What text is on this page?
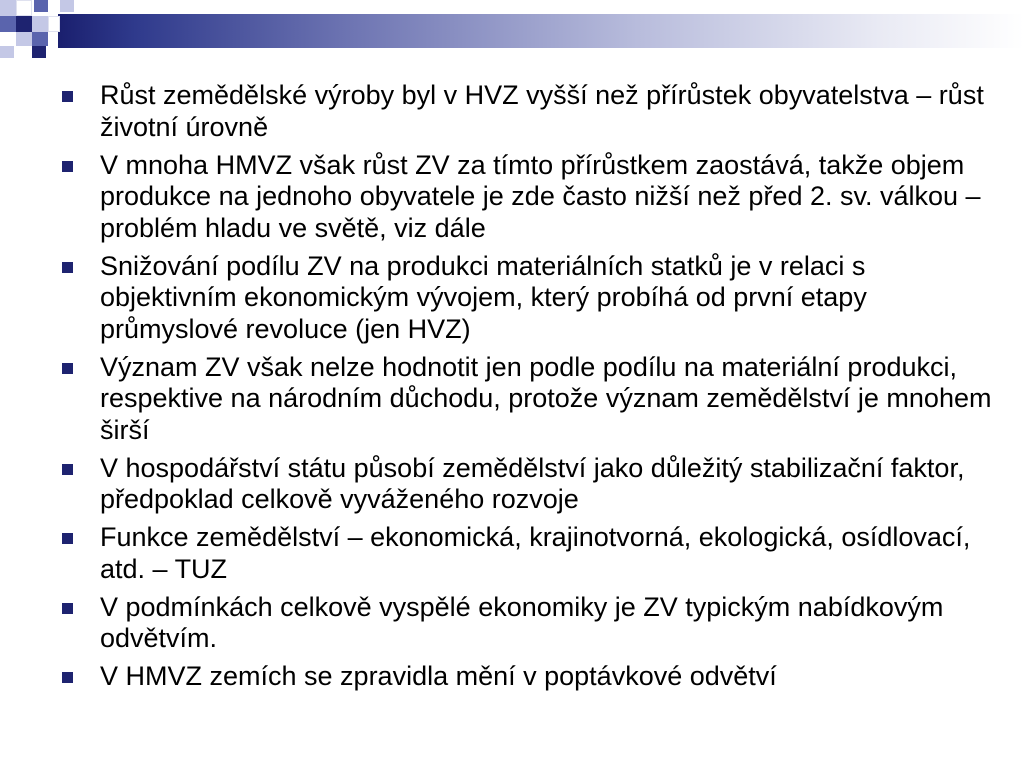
Růst zemědělské výroby byl v HVZ vyšší než přírůstek obyvatelstva – růst životní úrovně
V mnoha HMVZ však růst ZV za tímto přírůstkem zaostává, takže objem produkce na jednoho obyvatele je zde často nižší než před 2. sv. válkou – problém hladu ve světě, viz dále
Snižování podílu ZV na produkci materiálních statků je v relaci s objektivním ekonomickým vývojem, který probíhá od první etapy průmyslové revoluce (jen HVZ)
Význam ZV však nelze hodnotit jen podle podílu na materiální produkci, respektive na národním důchodu, protože význam zemědělství je mnohem širší
V hospodářství státu působí zemědělství jako důležitý stabilizační faktor, předpoklad celkově vyváženého rozvoje
Funkce zemědělství – ekonomická, krajinotvorná, ekologická, osídlovací, atd. – TUZ
V podmínkách celkově vyspělé ekonomiky je ZV typickým nabídkovým odvětvím.
V HMVZ zemích se zpravidla mění v poptávkové odvětví
